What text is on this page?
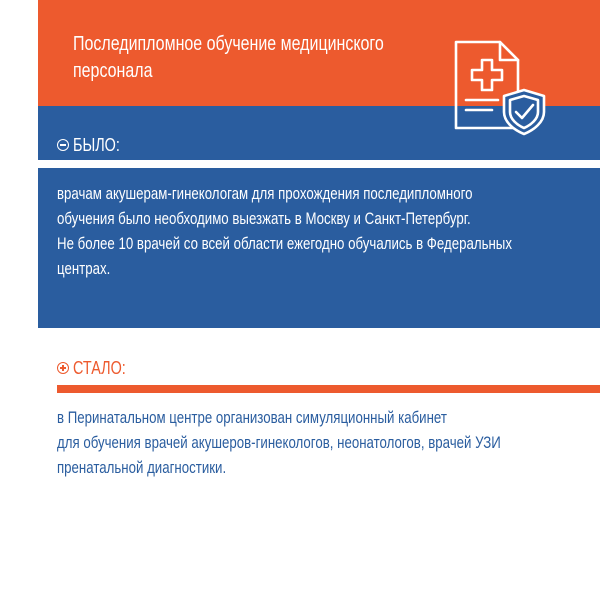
Последипломное обучение медицинского
персонала
БЫЛО:
врачам акушерам-гинекологам для прохождения последипломного
обучения было необходимо выезжать в Москву и Санкт-Петербург.
Не более 10 врачей со всей области ежегодно обучались в Федеральных
центрах.
СТАЛО:
в Перинатальном центре организован симуляционный кабинет
для обучения врачей акушеров-гинекологов, неонатологов, врачей УЗИ
пренатальной диагностики.
